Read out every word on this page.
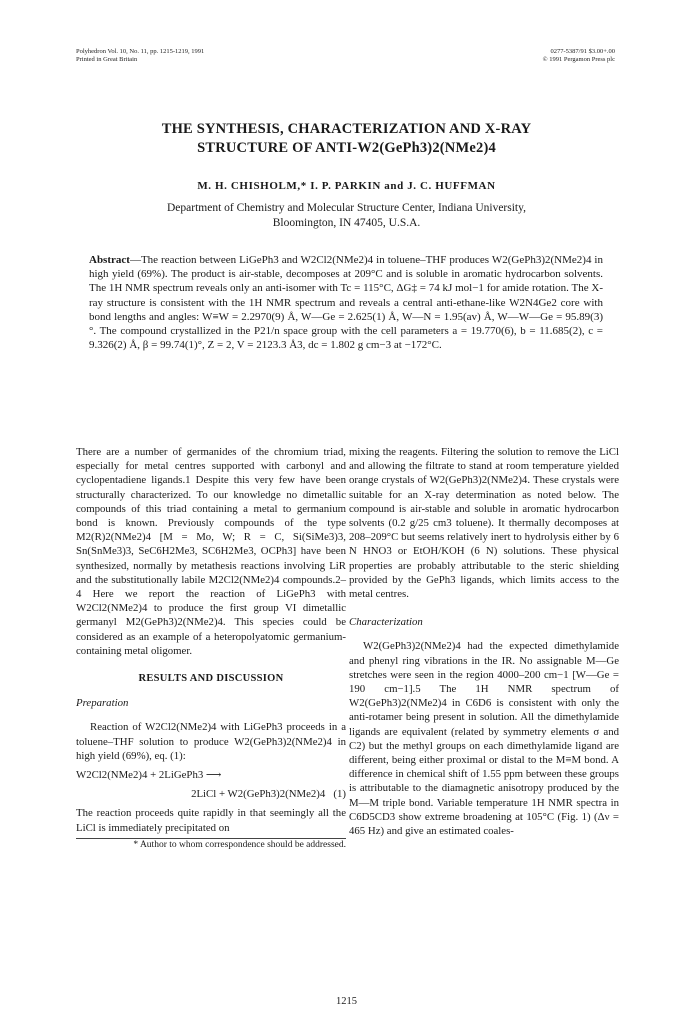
Polyhedron Vol. 10, No. 11, pp. 1215-1219, 1991
Printed in Great Britain
0277-5387/91 $3.00+.00
© 1991 Pergamon Press plc
THE SYNTHESIS, CHARACTERIZATION AND X-RAY
STRUCTURE OF ANTI-W2(GePh3)2(NMe2)4
M. H. CHISHOLM,* I. P. PARKIN and J. C. HUFFMAN
Department of Chemistry and Molecular Structure Center, Indiana University,
Bloomington, IN 47405, U.S.A.
Abstract—The reaction between LiGePh3 and W2Cl2(NMe2)4 in toluene–THF produces W2(GePh3)2(NMe2)4 in high yield (69%). The product is air-stable, decomposes at 209°C and is soluble in aromatic hydrocarbon solvents. The 1H NMR spectrum reveals only an anti-isomer with Tc = 115°C, ΔG‡ = 74 kJ mol−1 for amide rotation. The X-ray structure is consistent with the 1H NMR spectrum and reveals a central anti-ethane-like W2N4Ge2 core with bond lengths and angles: W≡W = 2.2970(9) Å, W—Ge = 2.625(1) Å, W—N = 1.95(av) Å, W—W—Ge = 95.89(3)°. The compound crystallized in the P21/n space group with the cell parameters a = 19.770(6), b = 11.685(2), c = 9.326(2) Å, β = 99.74(1)°, Z = 2, V = 2123.3 Å3, dc = 1.802 g cm−3 at −172°C.

There are a number of germanides of the chromium triad, especially for metal centres supported with carbonyl and cyclopentadiene ligands.1 Despite this very few have been structurally characterized. To our knowledge no dimetallic compounds of this triad containing a metal to germanium bond is known. Previously compounds of the type M2(R)2(NMe2)4 [M = Mo, W; R = C, Si(SiMe3)3, Sn(SnMe3)3, SeC6H2Me3, SC6H2Me3, OCPh3] have been synthesized, normally by metathesis reactions involving LiR and the substitutionally labile M2Cl2(NMe2)4 compounds.2–4 Here we report the reaction of LiGePh3 with W2Cl2(NMe2)4 to produce the first group VI dimetallic germanyl M2(GePh3)2(NMe2)4. This species could be considered as an example of a heteropolyatomic germanium-containing metal oligomer.

RESULTS AND DISCUSSION

Preparation

Reaction of W2Cl2(NMe2)4 with LiGePh3 proceeds in a toluene–THF solution to produce W2(GePh3)2(NMe2)4 in high yield (69%), eq. (1):

W2Cl2(NMe2)4 + 2LiGePh3 ⟶

2LiCl + W2(GePh3)2(NMe2)4 (1)

The reaction proceeds quite rapidly in that seemingly all the LiCl is immediately precipitated on

* Author to whom correspondence should be addressed.

mixing the reagents. Filtering the solution to remove the LiCl and allowing the filtrate to stand at room temperature yielded orange crystals of W2(GePh3)2(NMe2)4. These crystals were suitable for an X-ray determination as noted below. The compound is air-stable and soluble in aromatic hydrocarbon solvents (0.2 g/25 cm3 toluene). It thermally decomposes at 208–209°C but seems relatively inert to hydrolysis either by 6 N HNO3 or EtOH/KOH (6 N) solutions. These physical properties are probably attributable to the steric shielding provided by the GePh3 ligands, which limits access to the metal centres.

Characterization

W2(GePh3)2(NMe2)4 had the expected dimethylamide and phenyl ring vibrations in the IR. No assignable M—Ge stretches were seen in the region 4000–200 cm−1 [W—Ge = 190 cm−1].5 The 1H NMR spectrum of W2(GePh3)2(NMe2)4 in C6D6 is consistent with only the anti-rotamer being present in solution. All the dimethylamide ligands are equivalent (related by symmetry elements σ and C2) but the methyl groups on each dimethylamide ligand are different, being either proximal or distal to the M≡M bond. A difference in chemical shift of 1.55 ppm between these groups is attributable to the diamagnetic anisotropy produced by the M—M triple bond. Variable temperature 1H NMR spectra in C6D5CD3 show extreme broadening at 105°C (Fig. 1) (Δν = 465 Hz) and give an estimated coales-

1215
